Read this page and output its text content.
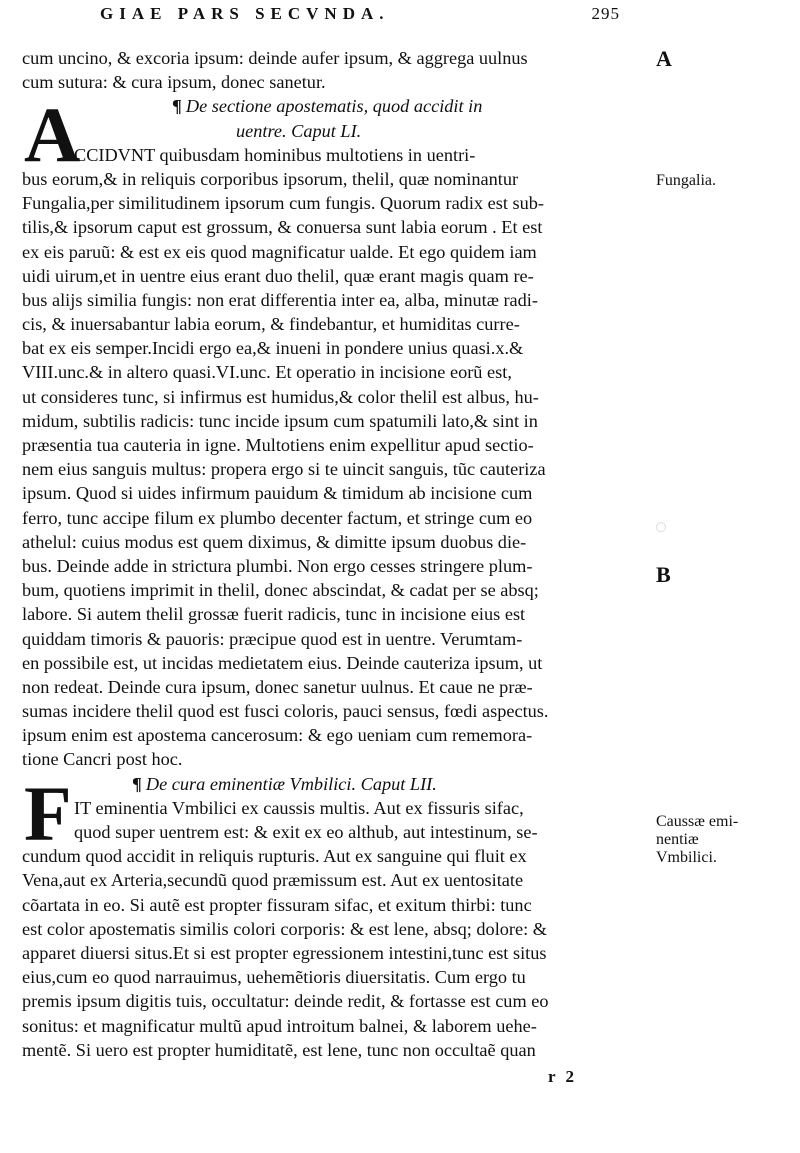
GIAE PARS SECVNDA.	295
cum uncino, & excoria ipsum: deinde aufer ipsum, & aggrega uulnus
cum sutura: & cura ipsum, donec sanetur.
¶ De sectione apostematis, quod accidit in
uentre. Caput LI.
CCIDVNT quibusdam hominibus multotiens in uentri-
bus eorum,& in reliquis corporibus ipsorum, thelil, quæ nominantur
Fungalia,per similitudinem ipsorum cum fungis. Quorum radix est sub-
tilis,& ipsorum caput est grossum, & conuersa sunt labia eorum . Et est
ex eis paruũ: & est ex eis quod magnificatur ualde. Et ego quidem iam
uidi uirum,et in uentre eius erant duo thelil, quæ erant magis quam re-
bus alijs similia fungis: non erat differentia inter ea, alba, minutæ radi-
cis, & inuersabantur labia eorum, & findebantur, et humiditas curre-
bat ex eis semper.Incidi ergo ea,& inueni in pondere unius quasi.x.&
VIII.unc.& in altero quasi.VI.unc. Et operatio in incisione eorũ est,
ut consideres tunc, si infirmus est humidus,& color thelil est albus, hu-
midum, subtilis radicis: tunc incide ipsum cum spatumili lato,& sint in
præsentia tua cauteria in igne. Multotiens enim expellitur apud sectio-
nem eius sanguis multus: propera ergo si te uincit sanguis, tũc cauteriza
ipsum. Quod si uides infirmum pauidum & timidum ab incisione cum
ferro, tunc accipe filum ex plumbo decenter factum, et stringe cum eo
athelul: cuius modus est quem diximus, & dimitte ipsum duobus die-
bus. Deinde adde in strictura plumbi. Non ergo cesses stringere plum-
bum, quotiens imprimit in thelil, donec abscindat, & cadat per se absq;
labore. Si autem thelil grossæ fuerit radicis, tunc in incisione eius est
quiddam timoris & pauoris: præcipue quod est in uentre. Verumtam-
en possibile est, ut incidas medietatem eius. Deinde cauteriza ipsum, ut
non redeat. Deinde cura ipsum, donec sanetur uulnus. Et caue ne præ-
sumas incidere thelil quod est fusci coloris, pauci sensus, fœdi aspectus.
ipsum enim est apostema cancerosum: & ego ueniam cum rememora-
tione Cancri post hoc.
¶ De cura eminentiæ Vmbilici. Caput LII.
IT eminentia Vmbilici ex caussis multis. Aut ex fissuris sifac,
quod super uentrem est: & exit ex eo althub, aut intestinum, se-
cundum quod accidit in reliquis rupturis. Aut ex sanguine qui fluit ex
Vena,aut ex Arteria,secundũ quod præmissum est. Aut ex uentositate
cõartata in eo. Si autẽ est propter fissuram sifac, et exitum thirbi: tunc
est color apostematis similis colori corporis: & est lene, absq; dolore: &
apparet diuersi situs.Et si est propter egressionem intestini,tunc est situs
eius,cum eo quod narrauimus, uehemẽtioris diuersitatis. Cum ergo tu
premis ipsum digitis tuis, occultatur: deinde redit, & fortasse est cum eo
sonitus: et magnificatur multũ apud introitum balnei, & laborem uehe-
mentẽ. Si uero est propter humiditatẽ, est lene, tunc non occultaẽ quan
A
F
A
Fungalia.
◌
B
Caussæ emi-
nentiæ
Vmbilici.
r 2
